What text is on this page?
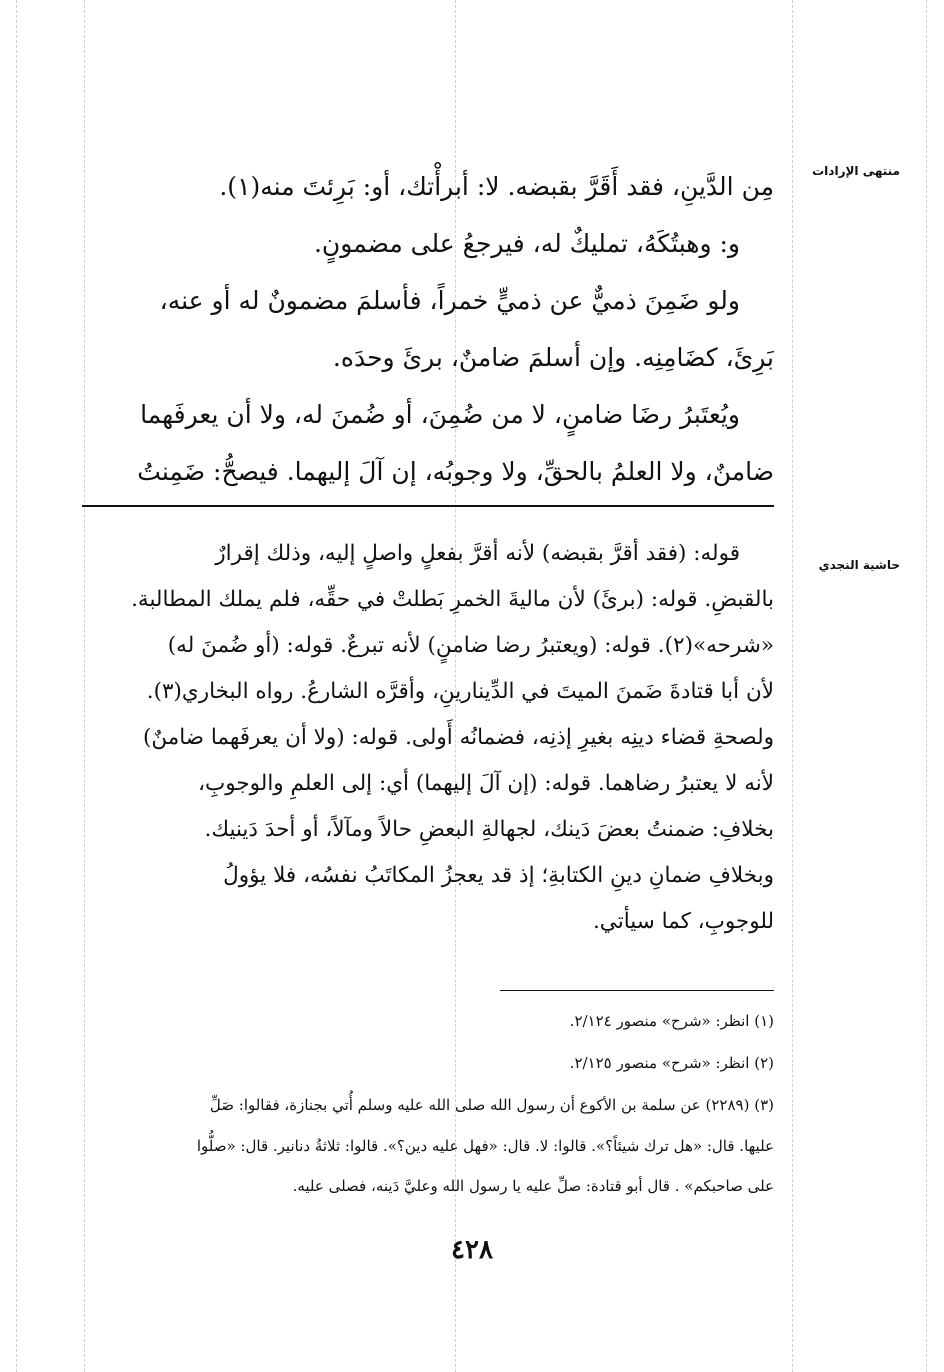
منتهى الإرادات
حاشية النجدي
مِن الدَّينِ، فقد أَقَرَّ بقبضه. لا: أبرأْتك، أو: بَرِئتَ منه(١).
و: وهبتُكَهُ، تمليكٌ له، فيرجعُ على مضمونٍ.
ولو ضَمِنَ ذميٌّ عن ذميٍّ خمراً، فأسلمَ مضمونٌ له أو عنه،
بَرِئَ، كضَامِنِه. وإن أسلمَ ضامنٌ، برئَ وحدَه.
ويُعتَبرُ رضَا ضامنٍ، لا من ضُمِنَ، أو ضُمنَ له، ولا أن يعرفَهما
ضامنٌ، ولا العلمُ بالحقِّ، ولا وجوبُه، إن آلَ إليهما. فيصحُّ: ضَمِنتُ
قوله: (فقد أقرَّ بقبضه) لأنه أقرَّ بفعلٍ واصلٍ إليه، وذلك إقرارٌ
بالقبضِ. قوله: (برئَ) لأن ماليةَ الخمرِ بَطلتْ في حقِّه، فلم يملك المطالبة.
«شرحه»(٢). قوله: (ويعتبرُ رضا ضامنٍ) لأنه تبرعٌ. قوله: (أو ضُمنَ له)
لأن أبا قتادةَ ضَمنَ الميتَ في الدِّينارينِ، وأقرَّه الشارعُ. رواه البخاري(٣).
ولصحةِ قضاء دينِه بغيرِ إذنِه، فضمانُه أَولى. قوله: (ولا أن يعرفَهما ضامنٌ)
لأنه لا يعتبرُ رضاهما. قوله: (إن آلَ إليهما) أي: إلى العلمِ والوجوبِ،
بخلافِ: ضمنتُ بعضَ دَينك، لجهالةِ البعضِ حالاً ومآلاً، أو أحدَ دَينيك.
وبخلافِ ضمانِ دينِ الكتابةِ؛ إذ قد يعجزُ المكاتَبُ نفسُه، فلا يؤولُ
للوجوبِ، كما سيأتي.
(١) انظر: «شرح» منصور ٢/١٢٤.
(٢) انظر: «شرح» منصور ٢/١٢٥.
(٣) (٢٢٨٩) عن سلمة بن الأكوع أن رسول الله صلى الله عليه وسلم أُتي بجنازة، فقالوا: صَلِّ
عليها. قال: «هل ترك شيئاً؟». قالوا: لا. قال: «فهل عليه دين؟». قالوا: ثلاثةُ دنانير. قال: «صلُّوا
على صاحبكم» . قال أبو قتادة: صلِّ عليه يا رسول الله وعليَّ دَينه، فصلى عليه.
٤٢٨
